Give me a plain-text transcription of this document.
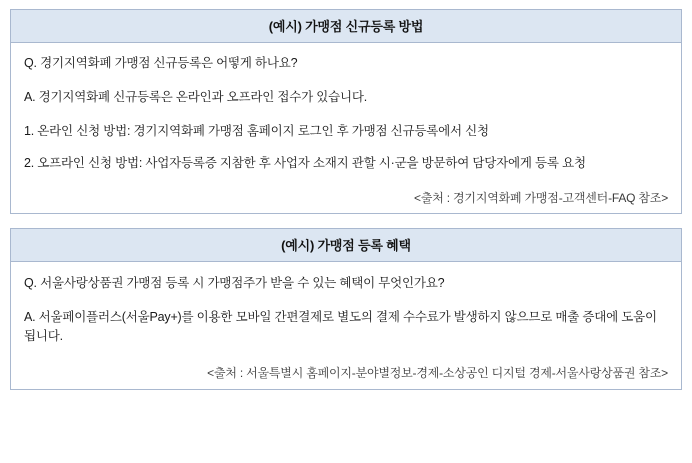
(예시) 가맹점 신규등록 방법

Q. 경기지역화폐 가맹점 신규등록은 어떻게 하나요?

A. 경기지역화폐 신규등록은 온라인과 오프라인 접수가 있습니다.

1. 온라인 신청 방법: 경기지역화폐 가맹점 홈페이지 로그인 후 가맹점 신규등록에서 신청

2. 오프라인 신청 방법: 사업자등록증 지참한 후 사업자 소재지 관할 시·군을 방문하여 담당자에게 등록 요청

<출처 : 경기지역화폐 가맹점-고객센터-FAQ 참조>
(예시) 가맹점 등록 혜택

Q. 서울사랑상품권 가맹점 등록 시 가맹점주가 받을 수 있는 혜택이 무엇인가요?

A. 서울페이플러스(서울Pay+)를 이용한 모바일 간편결제로 별도의 결제 수수료가 발생하지 않으므로 매출 증대에 도움이 됩니다.

<출처 : 서울특별시 홈페이지-분야별정보-경제-소상공인 디지털 경제-서울사랑상품권 참조>
